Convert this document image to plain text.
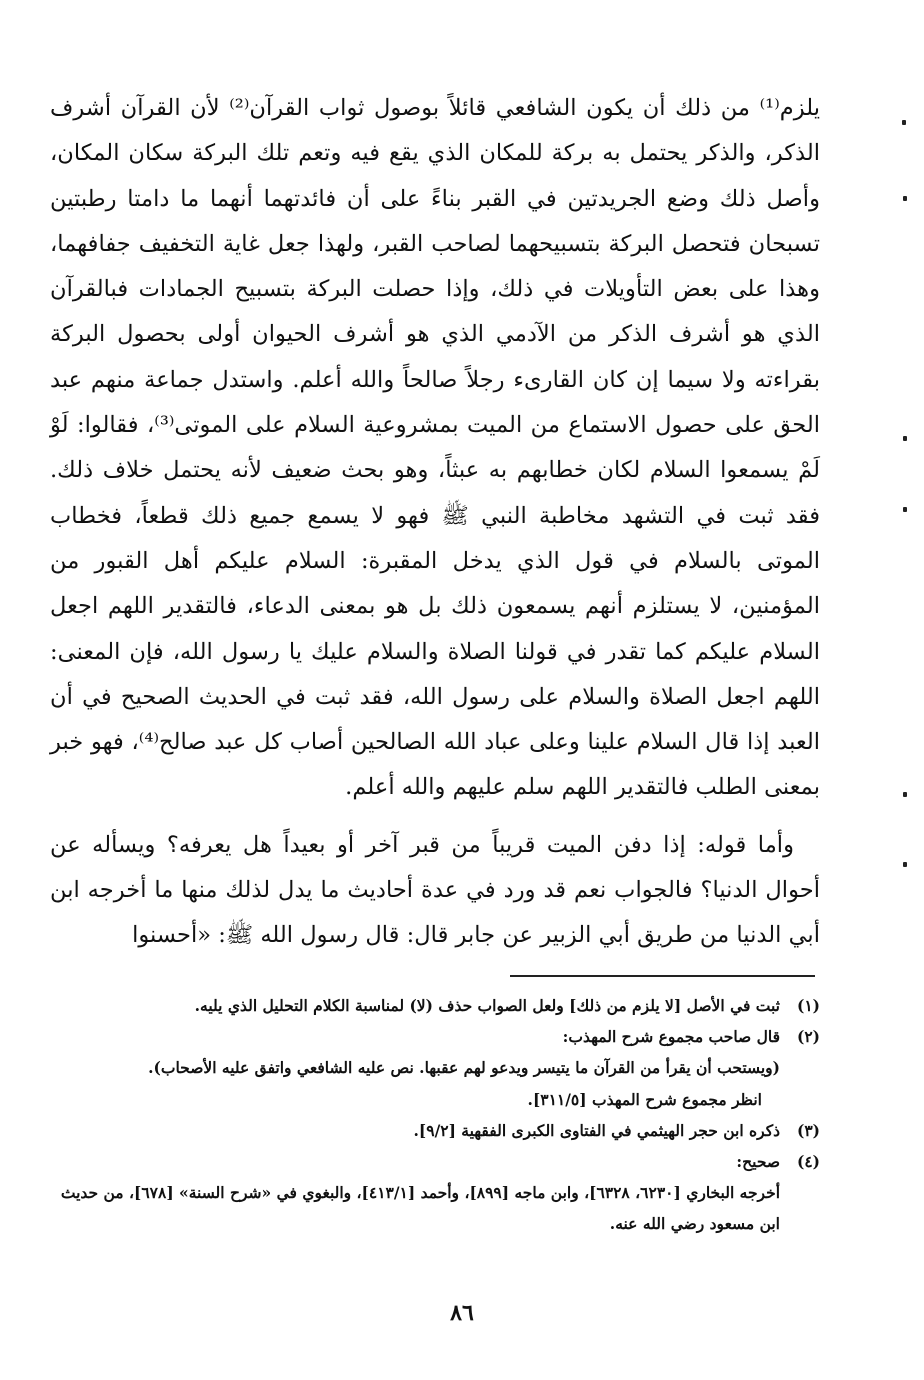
يلزم⁽¹⁾ من ذلك أن يكون الشافعي قائلاً بوصول ثواب القرآن⁽²⁾ لأن القرآن أشرف الذكر، والذكر يحتمل به بركة للمكان الذي يقع فيه وتعم تلك البركة سكان المكان، وأصل ذلك وضع الجريدتين في القبر بناءً على أن فائدتهما أنهما ما دامتا رطبتين تسبحان فتحصل البركة بتسبيحهما لصاحب القبر، ولهذا جعل غاية التخفيف جفافهما، وهذا على بعض التأويلات في ذلك، وإذا حصلت البركة بتسبيح الجمادات فبالقرآن الذي هو أشرف الذكر من الآدمي الذي هو أشرف الحيوان أولى بحصول البركة بقراءته ولا سيما إن كان القارىء رجلاً صالحاً والله أعلم. واستدل جماعة منهم عبد الحق على حصول الاستماع من الميت بمشروعية السلام على الموتى⁽³⁾، فقالوا: لَوْ لَمْ يسمعوا السلام لكان خطابهم به عبثاً، وهو بحث ضعيف لأنه يحتمل خلاف ذلك. فقد ثبت في التشهد مخاطبة النبي ﷺ فهو لا يسمع جميع ذلك قطعاً، فخطاب الموتى بالسلام في قول الذي يدخل المقبرة: السلام عليكم أهل القبور من المؤمنين، لا يستلزم أنهم يسمعون ذلك بل هو بمعنى الدعاء، فالتقدير اللهم اجعل السلام عليكم كما تقدر في قولنا الصلاة والسلام عليك يا رسول الله، فإن المعنى: اللهم اجعل الصلاة والسلام على رسول الله، فقد ثبت في الحديث الصحيح في أن العبد إذا قال السلام علينا وعلى عباد الله الصالحين أصاب كل عبد صالح⁽⁴⁾، فهو خبر بمعنى الطلب فالتقدير اللهم سلم عليهم والله أعلم.

وأما قوله: إذا دفن الميت قريباً من قبر آخر أو بعيداً هل يعرفه؟ ويسأله عن أحوال الدنيا؟ فالجواب نعم قد ورد في عدة أحاديث ما يدل لذلك منها ما أخرجه ابن أبي الدنيا من طريق أبي الزبير عن جابر قال: قال رسول الله ﷺ: «أحسنوا

(١)
ثبت في الأصل [لا يلزم من ذلك] ولعل الصواب حذف (لا) لمناسبة الكلام التحليل الذي يليه.
(٢)
قال صاحب مجموع شرح المهذب:
(ويستحب أن يقرأ من القرآن ما يتيسر ويدعو لهم عقبها. نص عليه الشافعي واتفق عليه الأصحاب).
انظر مجموع شرح المهذب [٣١١/٥].
(٣)
ذكره ابن حجر الهيثمي في الفتاوى الكبرى الفقهية [٩/٢].
(٤)
صحيح:
أخرجه البخاري [٦٢٣٠، ٦٣٢٨]، وابن ماجه [٨٩٩]، وأحمد [٤١٣/١]، والبغوي في «شرح السنة» [٦٧٨]، من حديث ابن مسعود رضي الله عنه.
٨٦
